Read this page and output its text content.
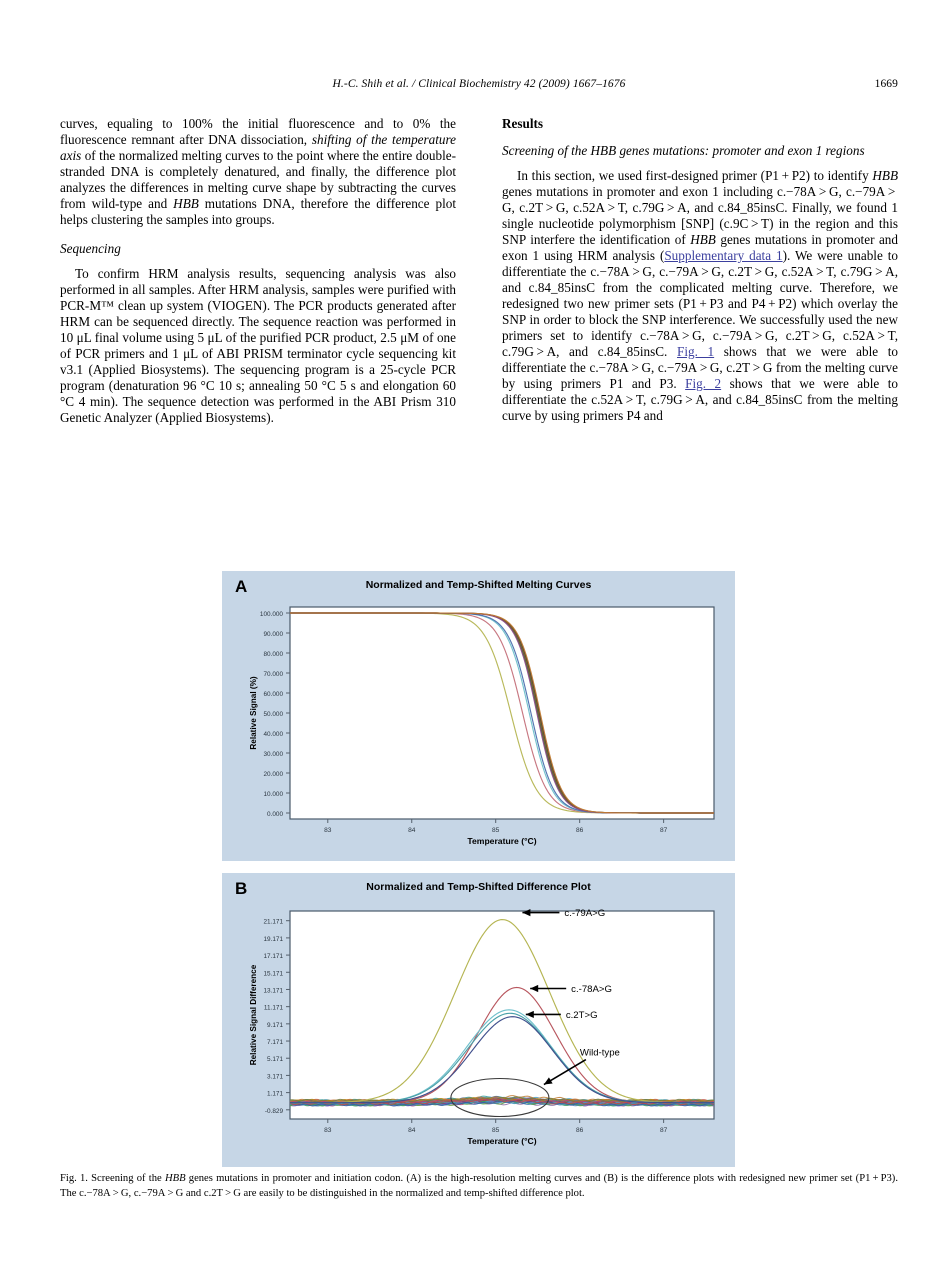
H.-C. Shih et al. / Clinical Biochemistry 42 (2009) 1667–1676	1669

curves, equaling to 100% the initial fluorescence and to 0% the fluorescence remnant after DNA dissociation, shifting of the temperature axis of the normalized melting curves to the point where the entire double-stranded DNA is completely denatured, and finally, the difference plot analyzes the differences in melting curve shape by subtracting the curves from wild-type and HBB mutations DNA, therefore the difference plot helps clustering the samples into groups.

Sequencing

To confirm HRM analysis results, sequencing analysis was also performed in all samples. After HRM analysis, samples were purified with PCR-M™ clean up system (VIOGEN). The PCR products generated after HRM can be sequenced directly. The sequence reaction was performed in 10 μL final volume using 5 μL of the purified PCR product, 2.5 μM of one of PCR primers and 1 μL of ABI PRISM terminator cycle sequencing kit v3.1 (Applied Biosystems). The sequencing program is a 25-cycle PCR program (denaturation 96 °C 10 s; annealing 50 °C 5 s and elongation 60 °C 4 min). The sequence detection was performed in the ABI Prism 310 Genetic Analyzer (Applied Biosystems).

Results
Screening of the HBB genes mutations: promoter and exon 1 regions

In this section, we used first-designed primer (P1 + P2) to identify HBB genes mutations in promoter and exon 1 including c.−78A > G, c.−79A > G, c.2T > G, c.52A > T, c.79G > A, and c.84_85insC. Finally, we found 1 single nucleotide polymorphism [SNP] (c.9C > T) in the region and this SNP interfere the identification of HBB genes mutations in promoter and exon 1 using HRM analysis (Supplementary data 1). We were unable to differentiate the c.−78A > G, c.−79A > G, c.2T > G, c.52A > T, c.79G > A, and c.84_85insC from the complicated melting curve. Therefore, we redesigned two new primer sets (P1 + P3 and P4 + P2) which overlay the SNP in order to block the SNP interference. We successfully used the new primers set to identify c.−78A > G, c.−79A > G, c.2T > G, c.52A > T, c.79G > A, and c.84_85insC. Fig. 1 shows that we were able to differentiate the c.−78A > G, c.−79A > G, c.2T > G from the melting curve by using primers P1 and P3. Fig. 2 shows that we were able to differentiate the c.52A > T, c.79G > A, and c.84_85insC from the melting curve by using primers P4 and

A	Normalized and Temp-Shifted Melting Curves
0.000
10.000
20.000
30.000
40.000
50.000
60.000
70.000
80.000
90.000
100.000
83	84	85	86	87
Temperature (°C)
Relative Signal (%)
B	Normalized and Temp-Shifted Difference Plot
-0.829
1.171
3.171
5.171
7.171
9.171
11.171
13.171
15.171
17.171
19.171
21.171
83	84	85	86	87
Temperature (°C)
Relative Signal Difference
c.-79A>G
c.-78A>G
c.2T>G
Wild-type
Fig. 1. Screening of the HBB genes mutations in promoter and initiation codon. (A) is the high-resolution melting curves and (B) is the difference plots with redesigned new primer set (P1 + P3). The c.−78A > G, c.−79A > G and c.2T > G are easily to be distinguished in the normalized and temp-shifted difference plot.
